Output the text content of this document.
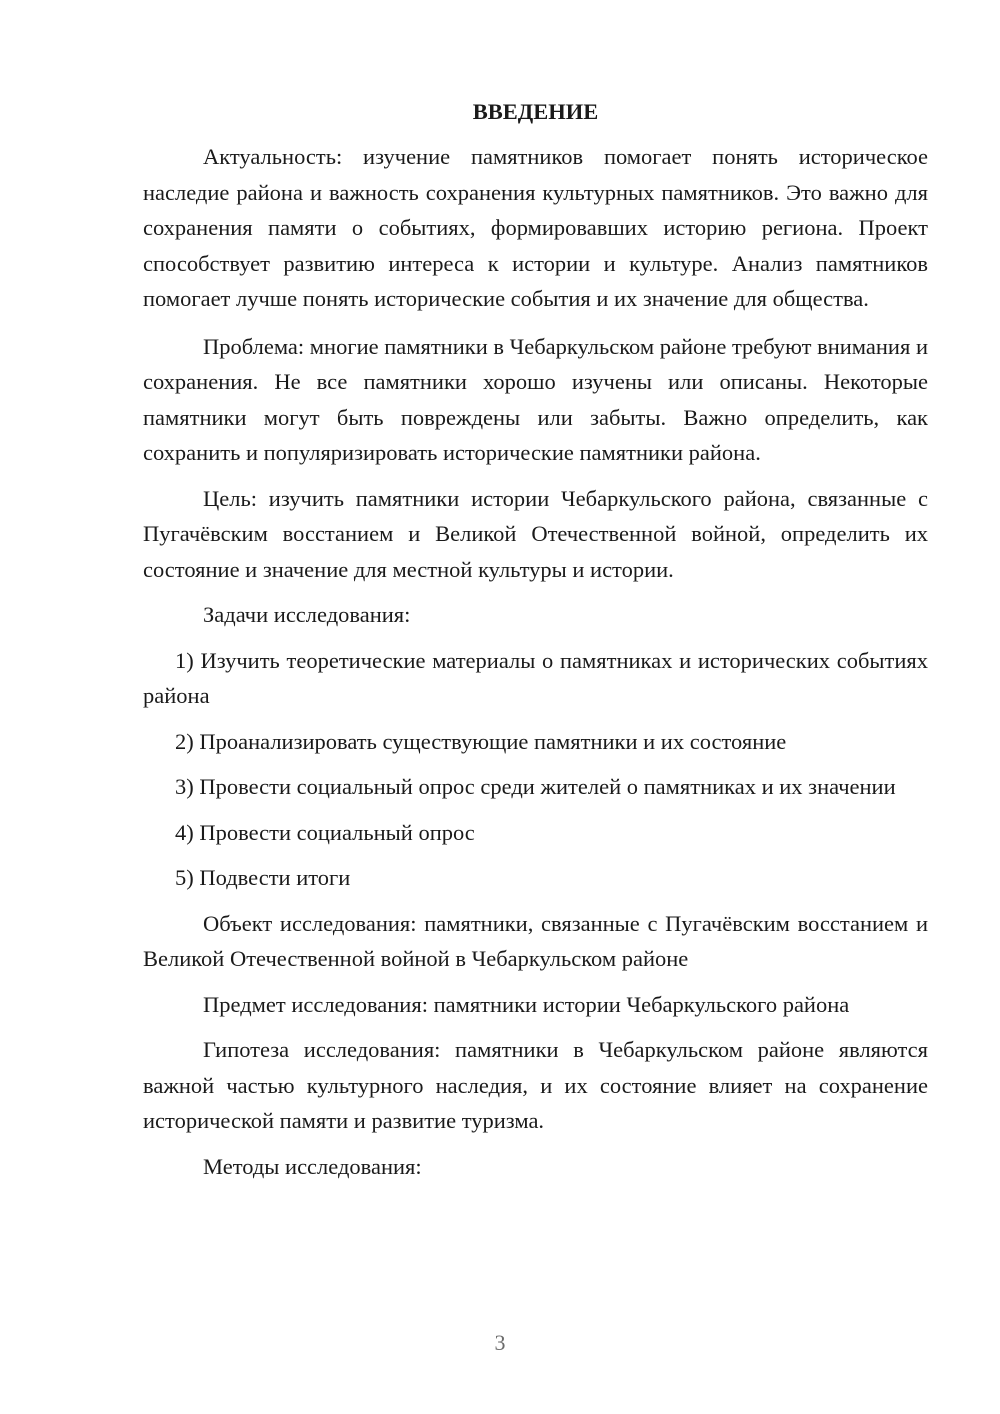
ВВЕДЕНИЕ

Актуальность: изучение памятников помогает понять историческое наследие района и важность сохранения культурных памятников. Это важно для сохранения памяти о событиях, формировавших историю региона. Проект способствует развитию интереса к истории и культуре. Анализ памятников помогает лучше понять исторические события и их значение для общества.

Проблема: многие памятники в Чебаркульском районе требуют внимания и сохранения. Не все памятники хорошо изучены или описаны. Некоторые памятники могут быть повреждены или забыты. Важно определить, как сохранить и популяризировать исторические памятники района.

Цель: изучить памятники истории Чебаркульского района, связанные с Пугачёвским восстанием и Великой Отечественной войной, определить их состояние и значение для местной культуры и истории.

Задачи исследования:

1) Изучить теоретические материалы о памятниках и исторических событиях района

2) Проанализировать существующие памятники и их состояние

3) Провести социальный опрос среди жителей о памятниках и их значении

4) Провести социальный опрос

5) Подвести итоги

Объект исследования: памятники, связанные с Пугачёвским восстанием и Великой Отечественной войной в Чебаркульском районе

Предмет исследования: памятники истории Чебаркульского района

Гипотеза исследования: памятники в Чебаркульском районе являются важной частью культурного наследия, и их состояние влияет на сохранение исторической памяти и развитие туризма.

Методы исследования:

3
